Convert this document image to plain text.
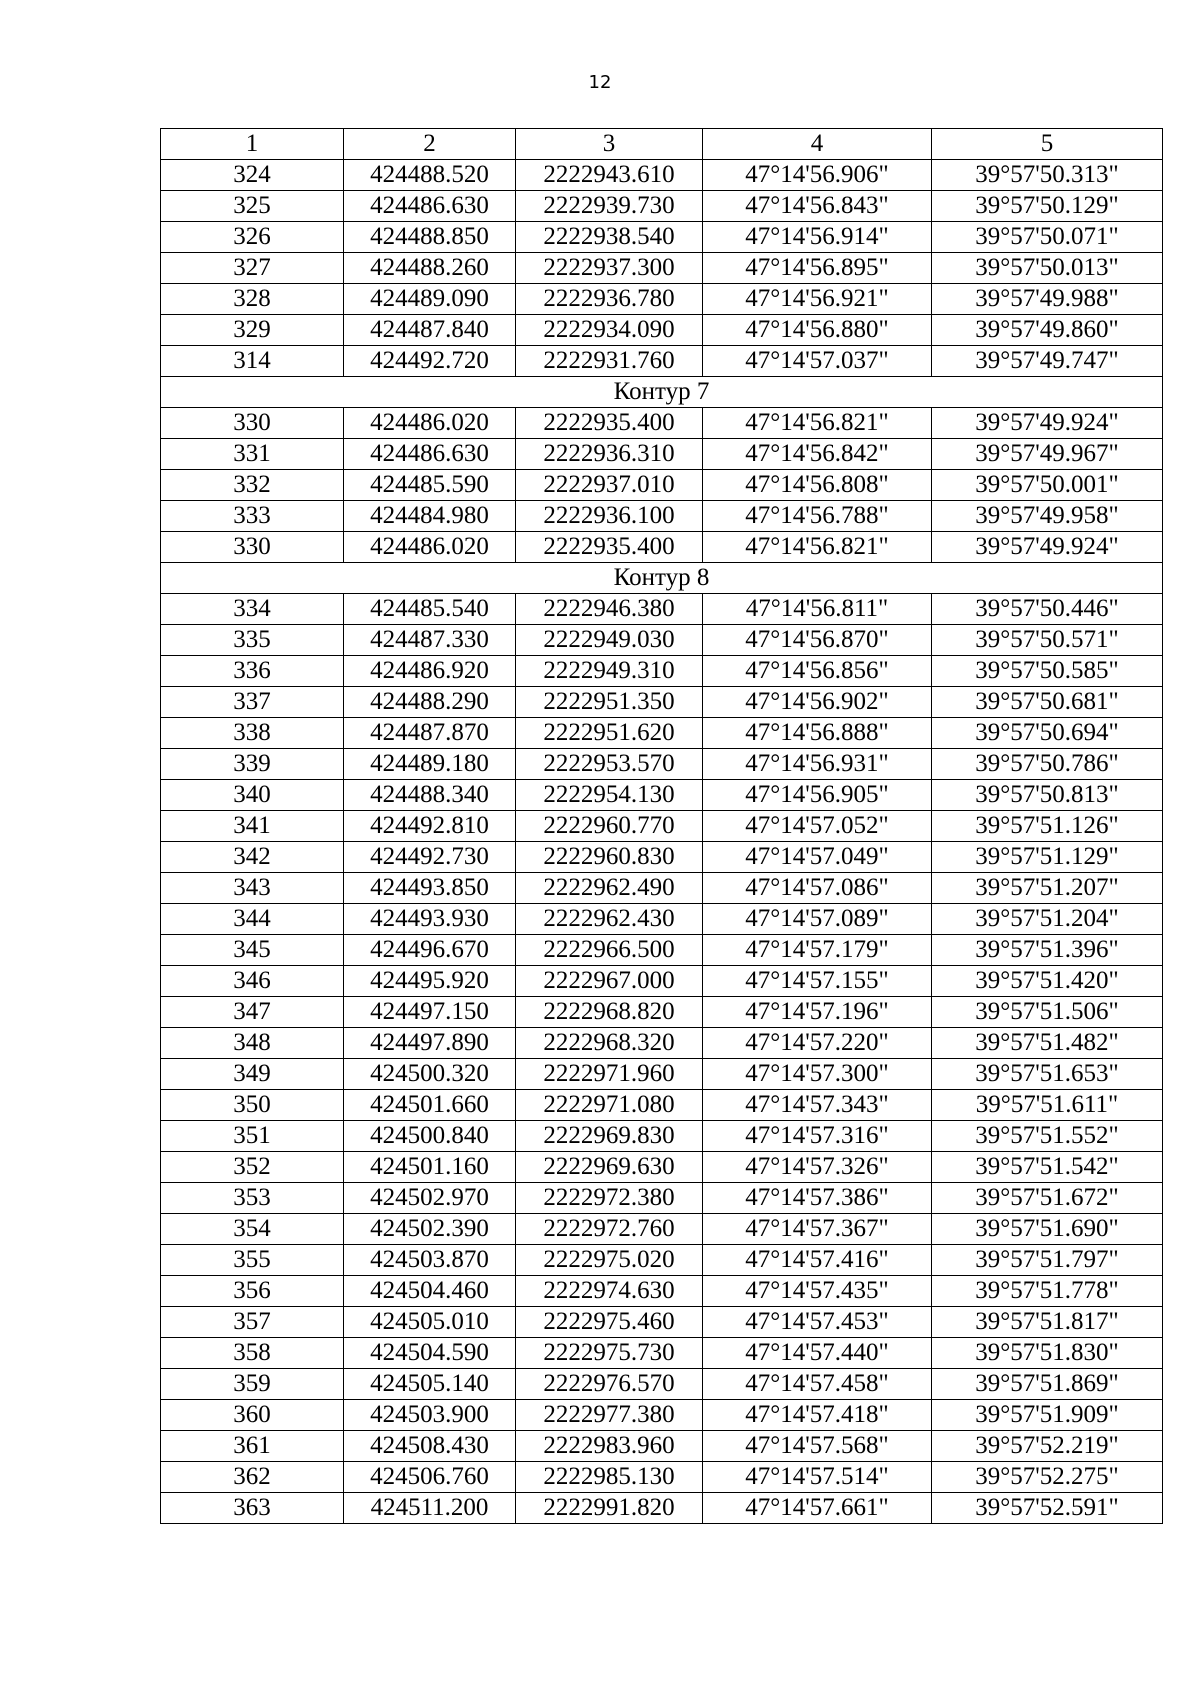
12
1	2	3	4	5
324	424488.520	2222943.610	47°14'56.906"	39°57'50.313"
325	424486.630	2222939.730	47°14'56.843"	39°57'50.129"
326	424488.850	2222938.540	47°14'56.914"	39°57'50.071"
327	424488.260	2222937.300	47°14'56.895"	39°57'50.013"
328	424489.090	2222936.780	47°14'56.921"	39°57'49.988"
329	424487.840	2222934.090	47°14'56.880"	39°57'49.860"
314	424492.720	2222931.760	47°14'57.037"	39°57'49.747"
Контур 7				
330	424486.020	2222935.400	47°14'56.821"	39°57'49.924"
331	424486.630	2222936.310	47°14'56.842"	39°57'49.967"
332	424485.590	2222937.010	47°14'56.808"	39°57'50.001"
333	424484.980	2222936.100	47°14'56.788"	39°57'49.958"
330	424486.020	2222935.400	47°14'56.821"	39°57'49.924"
Контур 8				
334	424485.540	2222946.380	47°14'56.811"	39°57'50.446"
335	424487.330	2222949.030	47°14'56.870"	39°57'50.571"
336	424486.920	2222949.310	47°14'56.856"	39°57'50.585"
337	424488.290	2222951.350	47°14'56.902"	39°57'50.681"
338	424487.870	2222951.620	47°14'56.888"	39°57'50.694"
339	424489.180	2222953.570	47°14'56.931"	39°57'50.786"
340	424488.340	2222954.130	47°14'56.905"	39°57'50.813"
341	424492.810	2222960.770	47°14'57.052"	39°57'51.126"
342	424492.730	2222960.830	47°14'57.049"	39°57'51.129"
343	424493.850	2222962.490	47°14'57.086"	39°57'51.207"
344	424493.930	2222962.430	47°14'57.089"	39°57'51.204"
345	424496.670	2222966.500	47°14'57.179"	39°57'51.396"
346	424495.920	2222967.000	47°14'57.155"	39°57'51.420"
347	424497.150	2222968.820	47°14'57.196"	39°57'51.506"
348	424497.890	2222968.320	47°14'57.220"	39°57'51.482"
349	424500.320	2222971.960	47°14'57.300"	39°57'51.653"
350	424501.660	2222971.080	47°14'57.343"	39°57'51.611"
351	424500.840	2222969.830	47°14'57.316"	39°57'51.552"
352	424501.160	2222969.630	47°14'57.326"	39°57'51.542"
353	424502.970	2222972.380	47°14'57.386"	39°57'51.672"
354	424502.390	2222972.760	47°14'57.367"	39°57'51.690"
355	424503.870	2222975.020	47°14'57.416"	39°57'51.797"
356	424504.460	2222974.630	47°14'57.435"	39°57'51.778"
357	424505.010	2222975.460	47°14'57.453"	39°57'51.817"
358	424504.590	2222975.730	47°14'57.440"	39°57'51.830"
359	424505.140	2222976.570	47°14'57.458"	39°57'51.869"
360	424503.900	2222977.380	47°14'57.418"	39°57'51.909"
361	424508.430	2222983.960	47°14'57.568"	39°57'52.219"
362	424506.760	2222985.130	47°14'57.514"	39°57'52.275"
363	424511.200	2222991.820	47°14'57.661"	39°57'52.591"
